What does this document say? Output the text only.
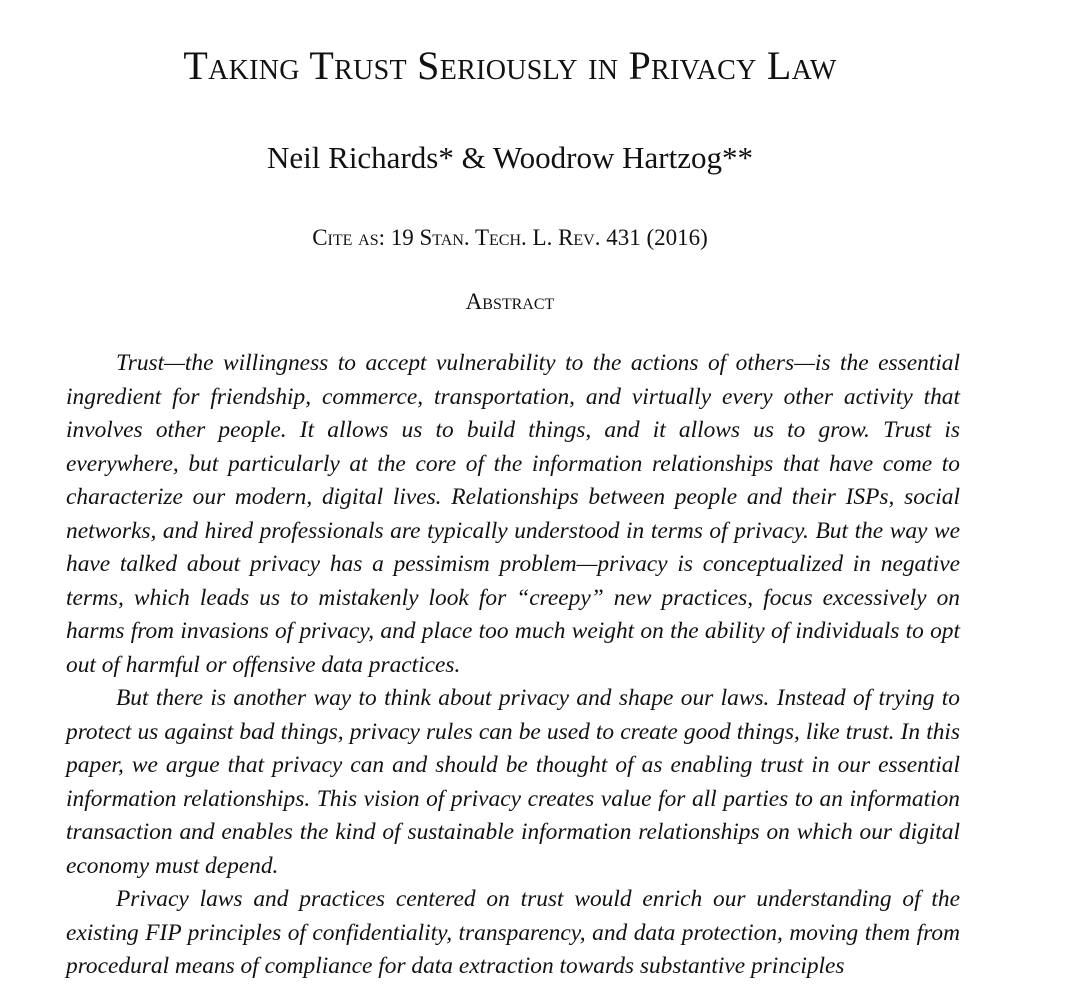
Taking Trust Seriously in Privacy Law
Neil Richards* & Woodrow Hartzog**
Cite as: 19 Stan. Tech. L. Rev. 431 (2016)
Abstract

Trust—the willingness to accept vulnerability to the actions of others—is the essential ingredient for friendship, commerce, transportation, and virtually every other activity that involves other people. It allows us to build things, and it allows us to grow. Trust is everywhere, but particularly at the core of the information relationships that have come to characterize our modern, digital lives. Relationships between people and their ISPs, social networks, and hired professionals are typically understood in terms of privacy. But the way we have talked about privacy has a pessimism problem—privacy is conceptualized in negative terms, which leads us to mistakenly look for “creepy” new practices, focus excessively on harms from invasions of privacy, and place too much weight on the ability of individuals to opt out of harmful or offensive data practices.

But there is another way to think about privacy and shape our laws. Instead of trying to protect us against bad things, privacy rules can be used to create good things, like trust. In this paper, we argue that privacy can and should be thought of as enabling trust in our essential information relationships. This vision of privacy creates value for all parties to an information transaction and enables the kind of sustainable information relationships on which our digital economy must depend.

Privacy laws and practices centered on trust would enrich our understanding of the existing FIP principles of confidentiality, transparency, and data protection, moving them from procedural means of compliance for data extraction towards substantive principles
